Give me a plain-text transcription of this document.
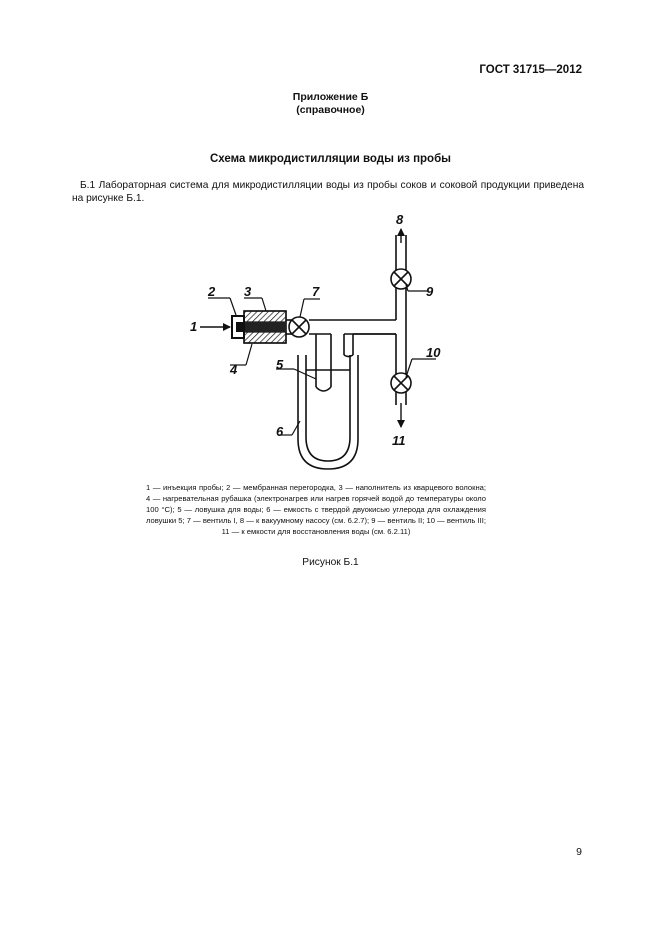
ГОСТ 31715—2012
Приложение Б
(справочное)
Схема микродистилляции воды из пробы
Б.1 Лабораторная система для микродистилляции воды из пробы соков и соковой продукции приведена на рисунке Б.1.
1
2 3
4	5
6
7
8
9
10
11
1 — инъекция пробы; 2 — мембранная перегородка, 3 — наполнитель из кварцевого волокна; 4 — нагревательная рубашка (электронагрев или нагрев горячей водой до температуры около 100 °C); 5 — ловушка для воды; 6 — емкость с твердой двуокисью углерода для охлаждения ловушки 5; 7 — вентиль I, 8 — к вакуумному насосу (см. 6.2.7); 9 — вентиль II; 10 — вентиль III; 11 — к емкости для восстановления воды (см. 6.2.11)
Рисунок Б.1
9
